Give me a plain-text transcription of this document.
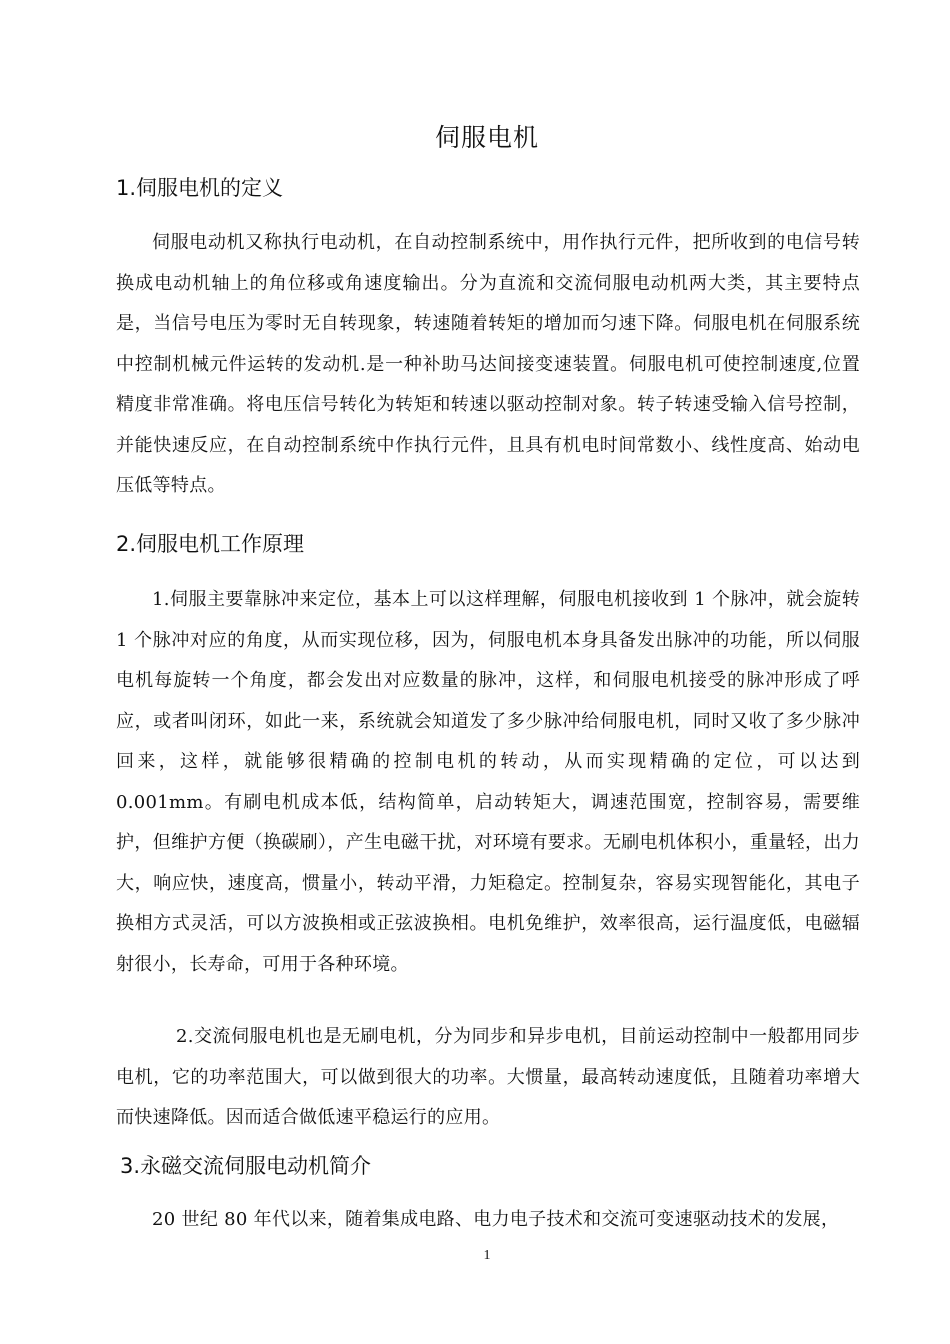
伺服电机
1.伺服电机的定义
伺服电动机又称执行电动机，在自动控制系统中，用作执行元件，把所收到的电信号转换成电动机轴上的角位移或角速度输出。分为直流和交流伺服电动机两大类，其主要特点是，当信号电压为零时无自转现象，转速随着转矩的增加而匀速下降。伺服电机在伺服系统中控制机械元件运转的发动机.是一种补助马达间接变速装置。伺服电机可使控制速度,位置精度非常准确。将电压信号转化为转矩和转速以驱动控制对象。转子转速受输入信号控制，并能快速反应，在自动控制系统中作执行元件，且具有机电时间常数小、线性度高、始动电压低等特点。
2.伺服电机工作原理
1.伺服主要靠脉冲来定位，基本上可以这样理解，伺服电机接收到 1 个脉冲，就会旋转 1 个脉冲对应的角度，从而实现位移，因为，伺服电机本身具备发出脉冲的功能，所以伺服电机每旋转一个角度，都会发出对应数量的脉冲，这样，和伺服电机接受的脉冲形成了呼应，或者叫闭环，如此一来，系统就会知道发了多少脉冲给伺服电机，同时又收了多少脉冲回来，这样，就能够很精确的控制电机的转动，从而实现精确的定位，可以达到0.001mm。有刷电机成本低，结构简单，启动转矩大，调速范围宽，控制容易，需要维护，但维护方便（换碳刷），产生电磁干扰，对环境有要求。无刷电机体积小，重量轻，出力大，响应快，速度高，惯量小，转动平滑，力矩稳定。控制复杂，容易实现智能化，其电子换相方式灵活，可以方波换相或正弦波换相。电机免维护，效率很高，运行温度低，电磁辐射很小，长寿命，可用于各种环境。
2.交流伺服电机也是无刷电机，分为同步和异步电机，目前运动控制中一般都用同步电机，它的功率范围大，可以做到很大的功率。大惯量，最高转动速度低，且随着功率增大而快速降低。因而适合做低速平稳运行的应用。
3.永磁交流伺服电动机简介
20 世纪 80 年代以来，随着集成电路、电力电子技术和交流可变速驱动技术的发展，
1
